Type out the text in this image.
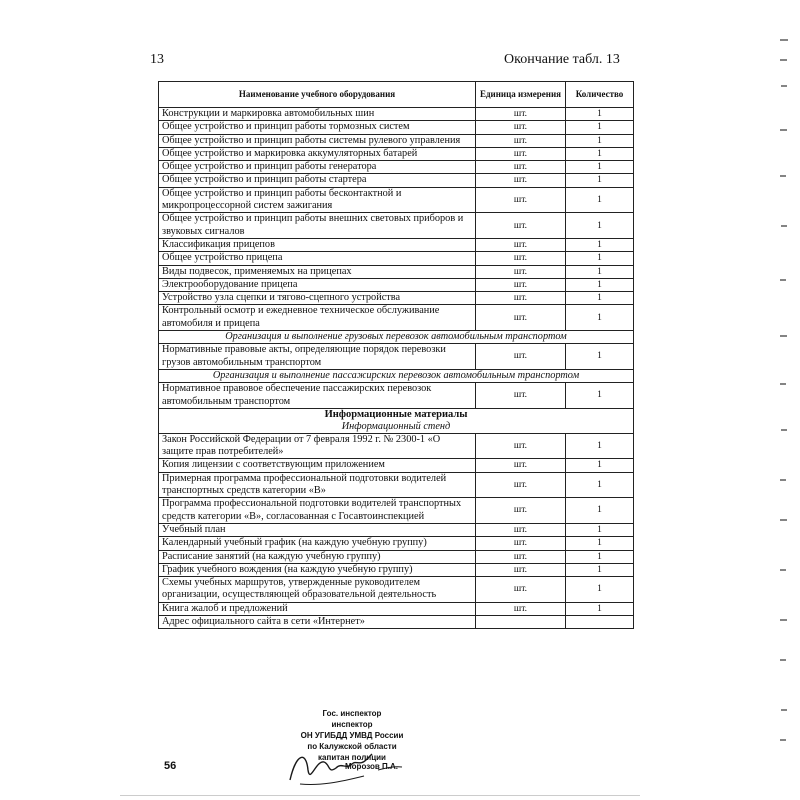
13	Окончание табл. 13
Наименование учебного оборудования	Единица измерения	Количество
Конструкции и маркировка автомобильных шин	шт.	1
Общее устройство и принцип работы тормозных систем	шт.	1
Общее устройство и принцип работы системы рулевого управления	шт.	1
Общее устройство и маркировка аккумуляторных батарей	шт.	1
Общее устройство и принцип работы генератора	шт.	1
Общее устройство и принцип работы стартера	шт.	1
Общее устройство и принцип работы бесконтактной и микропроцессорной систем зажигания	шт.	1
Общее устройство и принцип работы внешних световых приборов и звуковых сигналов	шт.	1
Классификация прицепов	шт.	1
Общее устройство прицепа	шт.	1
Виды подвесок, применяемых на прицепах	шт.	1
Электрооборудование прицепа	шт.	1
Устройство узла сцепки и тягово-сцепного устройства	шт.	1
Контрольный осмотр и ежедневное техническое обслуживание автомобиля и прицепа	шт.	1
Организация и выполнение грузовых перевозок автомобильным транспортом		
Нормативные правовые акты, определяющие порядок перевозки грузов автомобильным транспортом	шт.	1
Организация и выполнение пассажирских перевозок автомобильным транспортом		
Нормативное правовое обеспечение пассажирских перевозок автомобильным транспортом	шт.	1
Информационные материалы		
Информационный стенд		
Закон Российской Федерации от 7 февраля 1992 г. № 2300-1 «О защите прав потребителей»	шт.	1
Копия лицензии с соответствующим приложением	шт.	1
Примерная программа профессиональной подготовки водителей транспортных средств категории «В»	шт.	1
Программа профессиональной подготовки водителей транспортных средств категории «В», согласованная с Госавтоинспекцией	шт.	1
Учебный план	шт.	1
Календарный учебный график (на каждую учебную группу)	шт.	1
Расписание занятий (на каждую учебную группу)	шт.	1
График учебного вождения (на каждую учебную группу)	шт.	1
Схемы учебных маршрутов, утвержденные руководителем организации, осуществляющей образовательной деятельность	шт.	1
Книга жалоб и предложений	шт.	1
Адрес официального сайта в сети «Интернет»		
Гос. инспектор
инспектор
ОН УГИБДД УМВД России
по Калужской области
капитан полиции
Морозов П.А.
56
